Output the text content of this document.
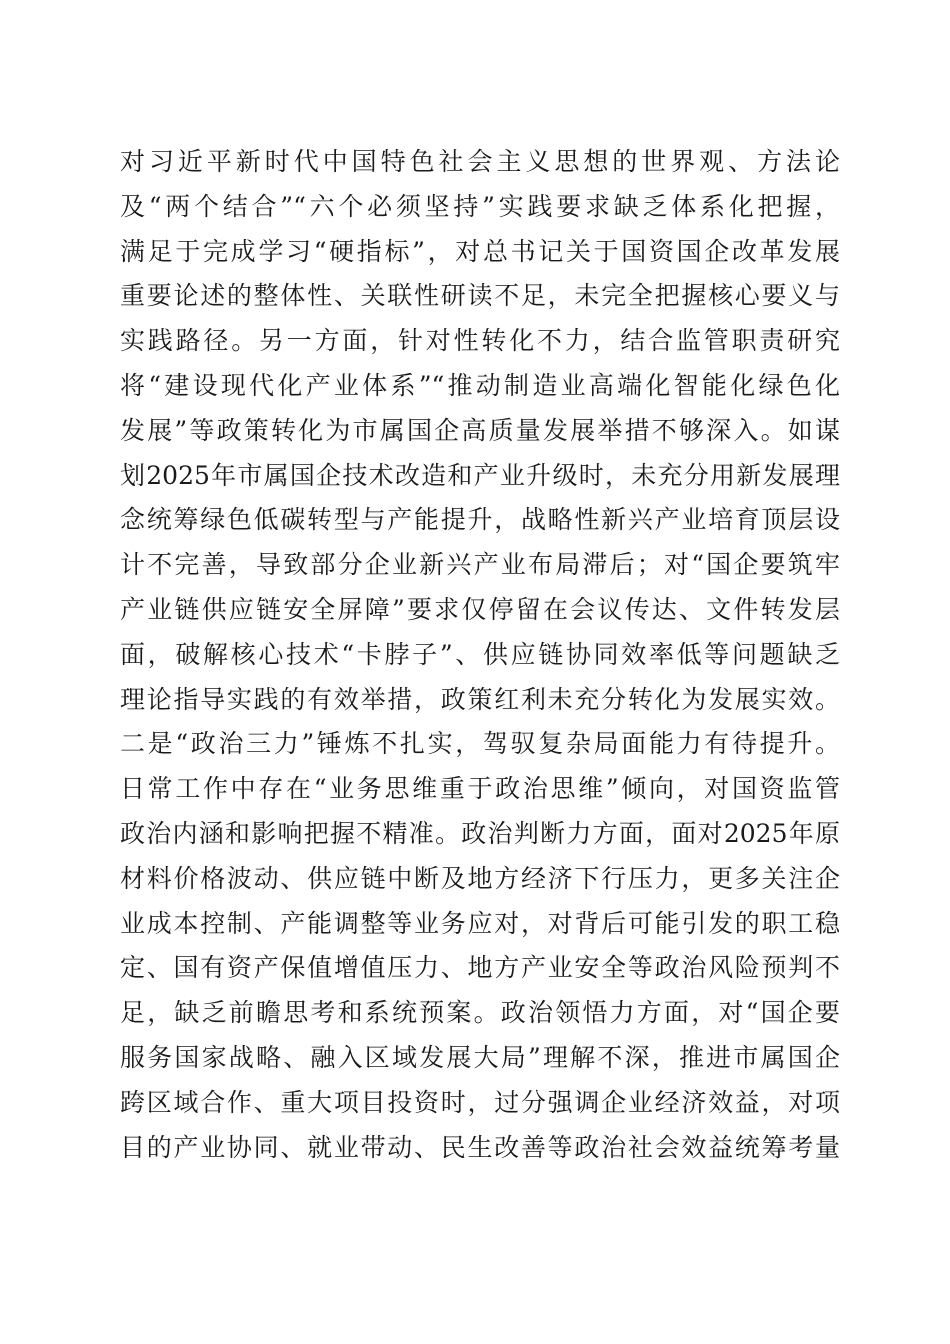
对习近平新时代中国特色社会主义思想的世界观、方法论
及“两个结合”“六个必须坚持”实践要求缺乏体系化把握，
满足于完成学习“硬指标”，对总书记关于国资国企改革发展
重要论述的整体性、关联性研读不足，未完全把握核心要义与
实践路径。另一方面，针对性转化不力，结合监管职责研究
将“建设现代化产业体系”“推动制造业高端化智能化绿色化
发展”等政策转化为市属国企高质量发展举措不够深入。如谋
划2025年市属国企技术改造和产业升级时，未充分用新发展理
念统筹绿色低碳转型与产能提升，战略性新兴产业培育顶层设
计不完善，导致部分企业新兴产业布局滞后；对“国企要筑牢
产业链供应链安全屏障”要求仅停留在会议传达、文件转发层
面，破解核心技术“卡脖子”、供应链协同效率低等问题缺乏
理论指导实践的有效举措，政策红利未充分转化为发展实效。
二是“政治三力”锤炼不扎实，驾驭复杂局面能力有待提升。
日常工作中存在“业务思维重于政治思维”倾向，对国资监管
政治内涵和影响把握不精准。政治判断力方面，面对2025年原
材料价格波动、供应链中断及地方经济下行压力，更多关注企
业成本控制、产能调整等业务应对，对背后可能引发的职工稳
定、国有资产保值增值压力、地方产业安全等政治风险预判不
足，缺乏前瞻思考和系统预案。政治领悟力方面，对“国企要
服务国家战略、融入区域发展大局”理解不深，推进市属国企
跨区域合作、重大项目投资时，过分强调企业经济效益，对项
目的产业协同、就业带动、民生改善等政治社会效益统筹考量
